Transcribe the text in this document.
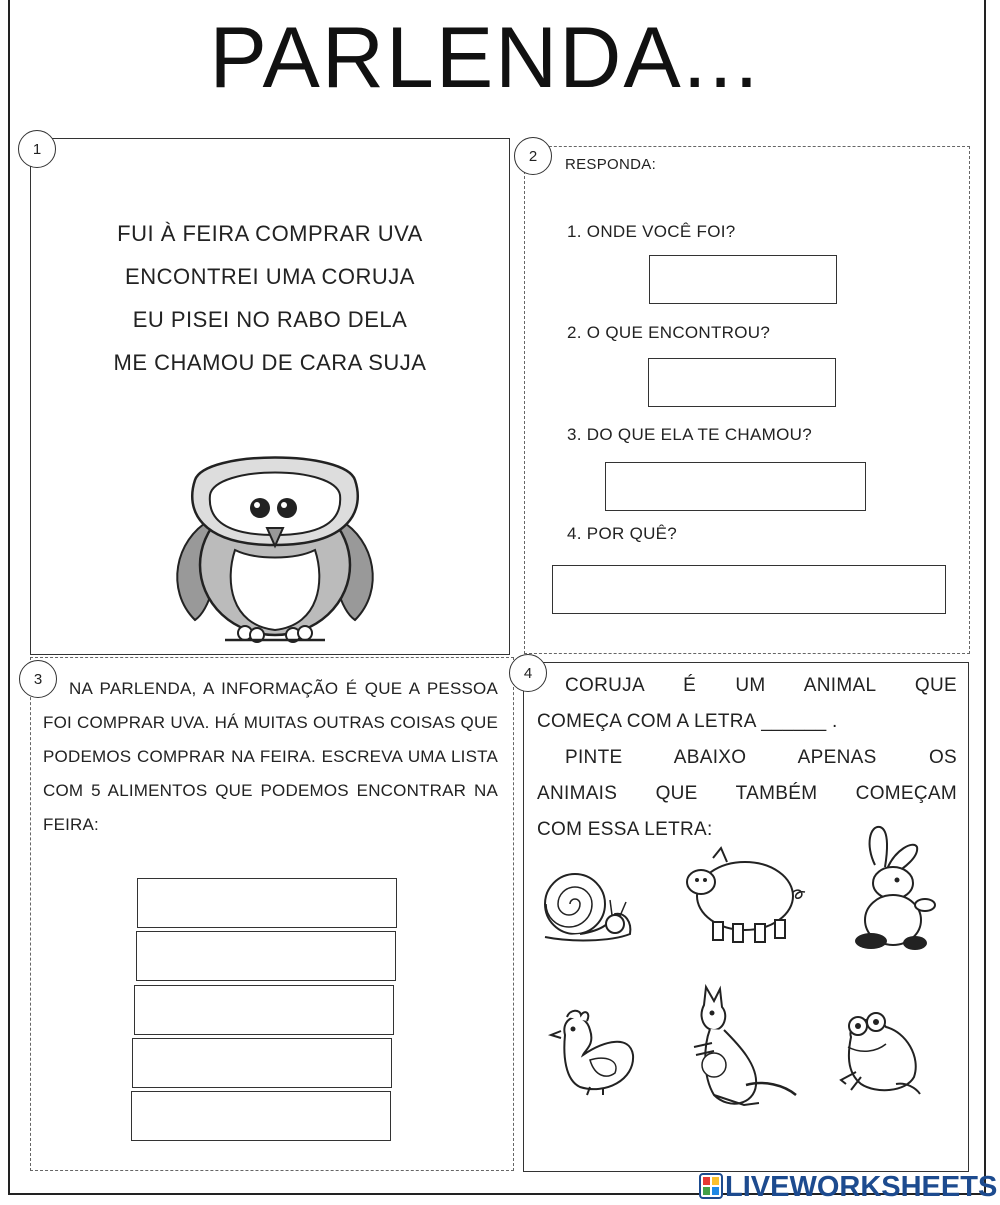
PARLENDA...
1
FUI À FEIRA COMPRAR UVA
ENCONTREI UMA CORUJA
EU PISEI NO RABO DELA
ME CHAMOU DE CARA SUJA
2	RESPONDA:
1. ONDE VOCÊ FOI?
2. O QUE ENCONTROU?
3. DO QUE ELA TE CHAMOU?
4. POR QUÊ?
3	NA PARLENDA, A INFORMAÇÃO É QUE A PESSOA FOI COMPRAR UVA. HÁ MUITAS OUTRAS COISAS QUE PODEMOS COMPRAR NA FEIRA. ESCREVA UMA LISTA COM 5 ALIMENTOS QUE PODEMOS ENCONTRAR NA FEIRA:
4
CORUJA É UM ANIMAL QUE
COMEÇA COM A LETRA ______ .
PINTE ABAIXO APENAS OS
ANIMAIS QUE TAMBÉM COMEÇAM
COM ESSA LETRA:
LIVEWORKSHEETS
